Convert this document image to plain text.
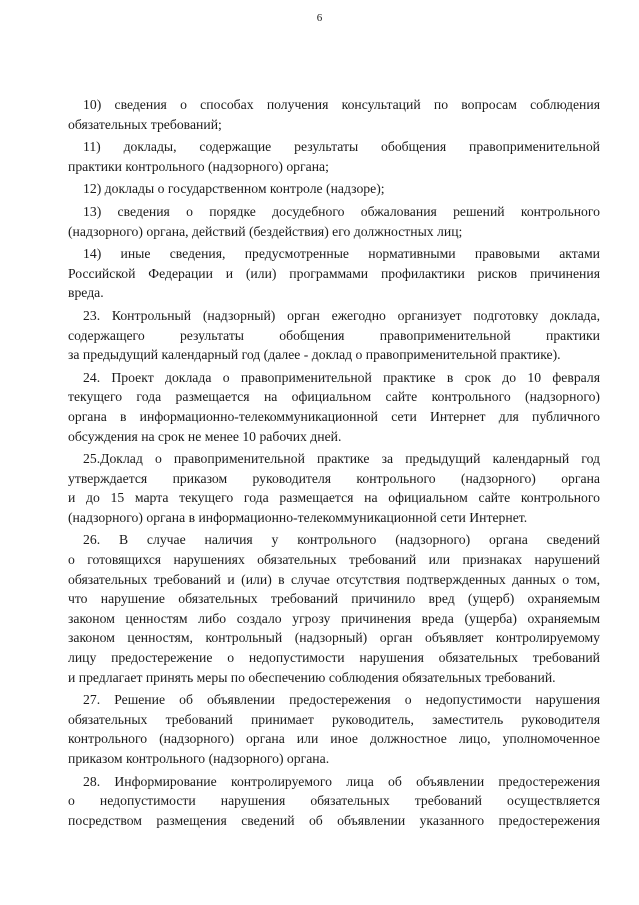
6
10) сведения о способах получения консультаций по вопросам соблюдения
обязательных требований;
11) доклады, содержащие результаты обобщения правоприменительной
практики контрольного (надзорного) органа;
12) доклады о государственном контроле (надзоре);
13) сведения о порядке досудебного обжалования решений контрольного
(надзорного) органа, действий (бездействия) его должностных лиц;
14) иные сведения, предусмотренные нормативными правовыми актами
Российской Федерации и (или) программами профилактики рисков причинения
вреда.
23. Контрольный (надзорный) орган ежегодно организует подготовку доклада,
содержащего результаты обобщения правоприменительной практики
за предыдущий календарный год (далее - доклад о правоприменительной практике).
24. Проект доклада о правоприменительной практике в срок до 10 февраля
текущего года размещается на официальном сайте контрольного (надзорного)
органа в информационно-телекоммуникационной сети Интернет для публичного
обсуждения на срок не менее 10 рабочих дней.
25.Доклад о правоприменительной практике за предыдущий календарный год
утверждается приказом руководителя контрольного (надзорного) органа
и до 15 марта текущего года размещается на официальном сайте контрольного
(надзорного) органа в информационно-телекоммуникационной сети Интернет.
26. В случае наличия у контрольного (надзорного) органа сведений
о готовящихся нарушениях обязательных требований или признаках нарушений
обязательных требований и (или) в случае отсутствия подтвержденных данных о том,
что нарушение обязательных требований причинило вред (ущерб) охраняемым
законом ценностям либо создало угрозу причинения вреда (ущерба) охраняемым
законом ценностям, контрольный (надзорный) орган объявляет контролируемому
лицу предостережение о недопустимости нарушения обязательных требований
и предлагает принять меры по обеспечению соблюдения обязательных требований.
27. Решение об объявлении предостережения о недопустимости нарушения
обязательных требований принимает руководитель, заместитель руководителя
контрольного (надзорного) органа или иное должностное лицо, уполномоченное
приказом контрольного (надзорного) органа.
28. Информирование контролируемого лица об объявлении предостережения
о недопустимости нарушения обязательных требований осуществляется
посредством размещения сведений об объявлении указанного предостережения
